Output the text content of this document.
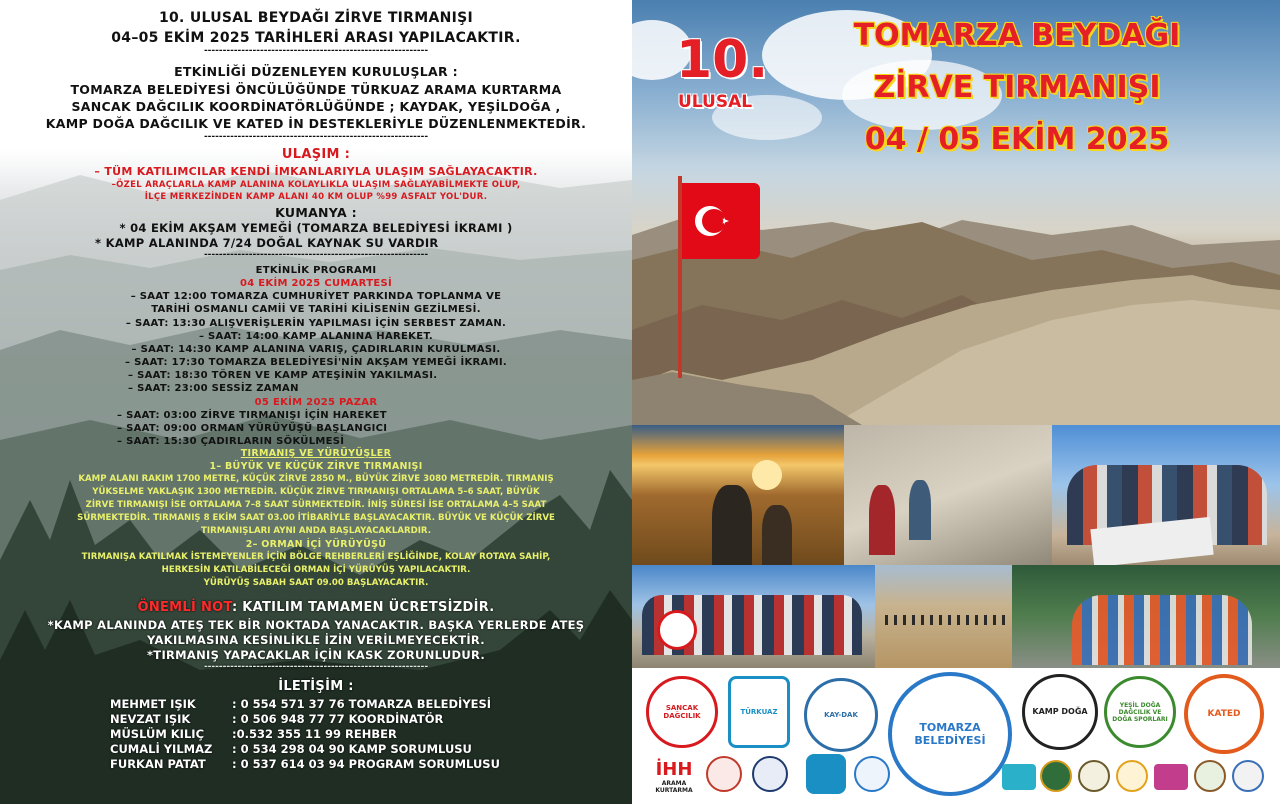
10. ULUSAL BEYDAĞI ZİRVE TIRMANIŞI
04–05 EKİM 2025 TARİHLERİ ARASI YAPILACAKTIR.
------------------------------------------------------------
ETKİNLİĞİ DÜZENLEYEN KURULUŞLAR :
TOMARZA BELEDİYESİ ÖNCÜLÜĞÜNDE TÜRKUAZ ARAMA KURTARMA
SANCAK DAĞCILIK KOORDİNATÖRLÜĞÜNDE ; KAYDAK, YEŞİLDOĞA ,
KAMP DOĞA DAĞCILIK VE KATED İN DESTEKLERİYLE DÜZENLENMEKTEDİR.
------------------------------------------------------------
ULAŞIM :
– TÜM KATILIMCILAR KENDİ İMKANLARIYLA ULAŞIM SAĞLAYACAKTIR.
–ÖZEL ARAÇLARLA KAMP ALANINA KOLAYLIKLA ULAŞIM SAĞLAYABİLMEKTE OLUP,
İLÇE MERKEZİNDEN KAMP ALANI 40 KM OLUP %99 ASFALT YOL'DUR.
KUMANYA :
* 04 EKİM AKŞAM YEMEĞİ (TOMARZA BELEDİYESİ İKRAMI )
* KAMP ALANINDA 7/24 DOĞAL KAYNAK SU VARDIR
------------------------------------------------------------
ETKİNLİK PROGRAMI
04 EKİM 2025 CUMARTESİ
– SAAT 12:00 TOMARZA CUMHURİYET PARKINDA TOPLANMA VE
TARİHİ OSMANLI CAMİİ VE TARİHİ KİLİSENİN GEZİLMESİ.
– SAAT: 13:30 ALIŞVERİŞLERİN YAPILMASI İÇİN SERBEST ZAMAN.
– SAAT: 14:00 KAMP ALANINA HAREKET.
– SAAT: 14:30 KAMP ALANINA VARIŞ, ÇADIRLARIN KURULMASI.
– SAAT: 17:30 TOMARZA BELEDİYESİ'NİN AKŞAM YEMEĞİ İKRAMI.
– SAAT: 18:30 TÖREN VE KAMP ATEŞİNİN YAKILMASI.
– SAAT: 23:00 SESSİZ ZAMAN
05 EKİM 2025 PAZAR
– SAAT: 03:00 ZİRVE TIRMANIŞI İÇİN HAREKET
– SAAT: 09:00 ORMAN YÜRÜYÜŞÜ BAŞLANGICI
– SAAT: 15:30 ÇADIRLARIN SÖKÜLMESİ
TIRMANIŞ VE YÜRÜYÜŞLER
1– BÜYÜK VE KÜÇÜK ZİRVE TIRMANIŞI
KAMP ALANI RAKIM 1700 METRE, KÜÇÜK ZİRVE 2850 M., BÜYÜK ZİRVE 3080 METREDİR. TIRMANIŞ
YÜKSELME YAKLAŞIK 1300 METREDİR. KÜÇÜK ZİRVE TIRMANIŞI ORTALAMA 5–6 SAAT, BÜYÜK
ZİRVE TIRMANIŞI İSE ORTALAMA 7–8 SAAT SÜRMEKTEDİR. İNİŞ SÜRESİ İSE ORTALAMA 4–5 SAAT
SÜRMEKTEDİR. TIRMANIŞ 8 EKİM SAAT 03.00 İTİBARİYLE BAŞLAYACAKTIR. BÜYÜK VE KÜÇÜK ZİRVE
TIRMANIŞLARI AYNI ANDA BAŞLAYACAKLARDIR.
2– ORMAN İÇİ YÜRÜYÜŞÜ
TIRMANIŞA KATILMAK İSTEMEYENLER İÇİN BÖLGE REHBERLERİ EŞLİĞİNDE, KOLAY ROTAYA SAHİP,
HERKESİN KATILABİLECEĞİ ORMAN İÇİ YÜRÜYÜŞ YAPILACAKTIR.
YÜRÜYÜŞ SABAH SAAT 09.00 BAŞLAYACAKTIR.
ÖNEMLİ NOT: KATILIM TAMAMEN ÜCRETSİZDİR.
*KAMP ALANINDA ATEŞ TEK BİR NOKTADA YANACAKTIR. BAŞKA YERLERDE ATEŞ
YAKILMASINA KESİNLİKLE İZİN VERİLMEYECEKTİR.
*TIRMANIŞ YAPACAKLAR İÇİN KASK ZORUNLUDUR.
------------------------------------------------------------
İLETİŞİM :
MEHMET IŞIK	: 0 554 571 37 76 TOMARZA BELEDİYESİ
NEVZAT IŞIK	: 0 506 948 77 77 KOORDİNATÖR
MÜSLÜM KILIÇ :0.532 355 11 99 REHBER
CUMALİ YILMAZ : 0 534 298 04 90 KAMP SORUMLUSU
FURKAN PATAT : 0 537 614 03 94 PROGRAM SORUMLUSU
10.
ULUSAL
TOMARZA BEYDAĞI
ZİRVE TIRMANIŞI
04 / 05 EKİM 2025
SANCAK DAĞCILIK	TÜRKUAZ	KAY-DAK
TOMARZA BELEDİYESİ
KAMP DOĞA
YEŞİL DOĞA DAĞCILIK VE DOĞA SPORLARI	KATED
İHH
ARAMA KURTARMA
